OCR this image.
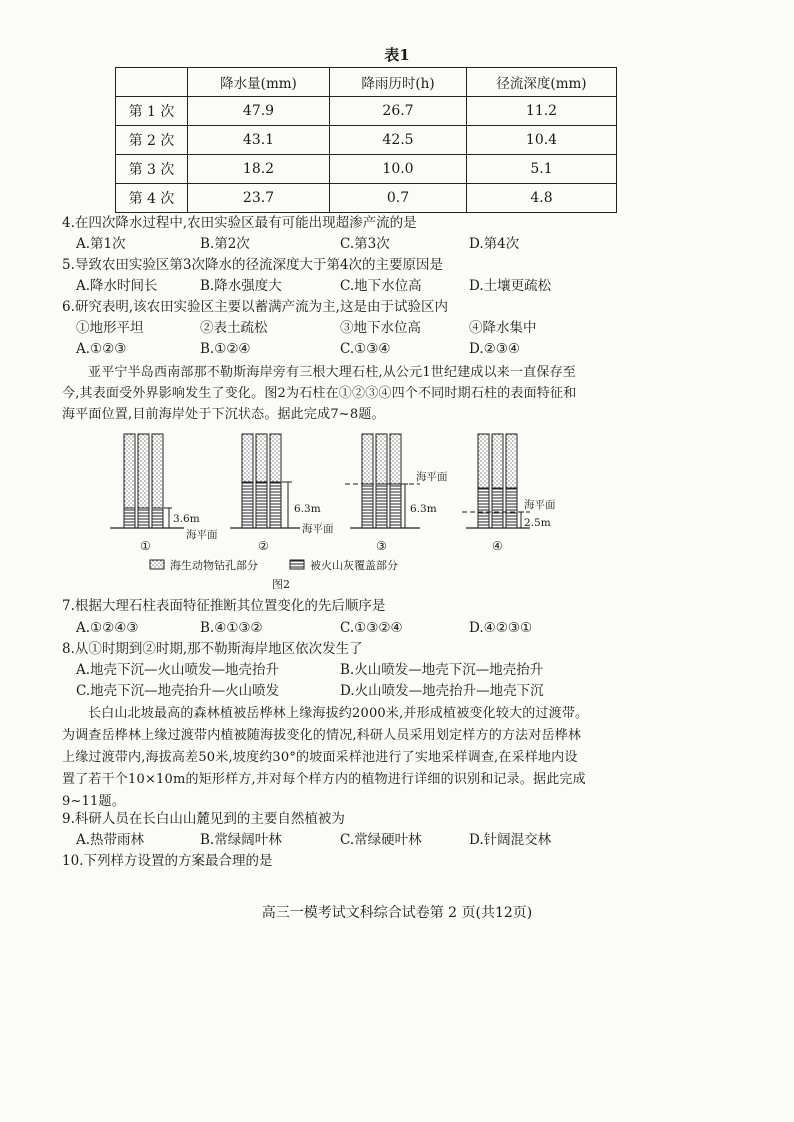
表1
	降水量(mm)	降雨历时(h)	径流深度(mm)
第 1 次	47.9	26.7	11.2
第 2 次	43.1	42.5	10.4
第 3 次	18.2	10.0	5.1
第 4 次	23.7	0.7	4.8
4.在四次降水过程中,农田实验区最有可能出现超渗产流的是
A.第1次	B.第2次	C.第3次	D.第4次
5.导致农田实验区第3次降水的径流深度大于第4次的主要原因是
A.降水时间长	B.降水强度大	C.地下水位高	D.土壤更疏松
6.研究表明,该农田实验区主要以蓄满产流为主,这是由于试验区内
①地形平坦	②表土疏松	③地下水位高	④降水集中
A.①②③	B.①②④	C.①③④	D.②③④
亚平宁半岛西南部那不勒斯海岸旁有三根大理石柱,从公元1世纪建成以来一直保存至
今,其表面受外界影响发生了变化。图2为石柱在①②③④四个不同时期石柱的表面特征和
海平面位置,目前海岸处于下沉状态。据此完成7~8题。
3.6m
海平面
①
6.3m
海平面
②
海平面
6.3m
③
海平面
2.5m
④
海生动物钻孔部分	被火山灰覆盖部分
图2
7.根据大理石柱表面特征推断其位置变化的先后顺序是
A.①②④③	B.④①③②	C.①③②④	D.④②③①
8.从①时期到②时期,那不勒斯海岸地区依次发生了
A.地壳下沉—火山喷发—地壳抬升	B.火山喷发—地壳下沉—地壳抬升
C.地壳下沉—地壳抬升—火山喷发	D.火山喷发—地壳抬升—地壳下沉
长白山北坡最高的森林植被岳桦林上缘海拔约2000米,并形成植被变化较大的过渡带。
为调查岳桦林上缘过渡带内植被随海拔变化的情况,科研人员采用划定样方的方法对岳桦林
上缘过渡带内,海拔高差50米,坡度约30°的坡面采样池进行了实地采样调查,在采样地内设
置了若干个10×10m的矩形样方,并对每个样方内的植物进行详细的识别和记录。据此完成
9~11题。
9.科研人员在长白山山麓见到的主要自然植被为
A.热带雨林	B.常绿阔叶林	C.常绿硬叶林	D.针阔混交林
10.下列样方设置的方案最合理的是
高三一模考试文科综合试卷第 2 页(共12页)
